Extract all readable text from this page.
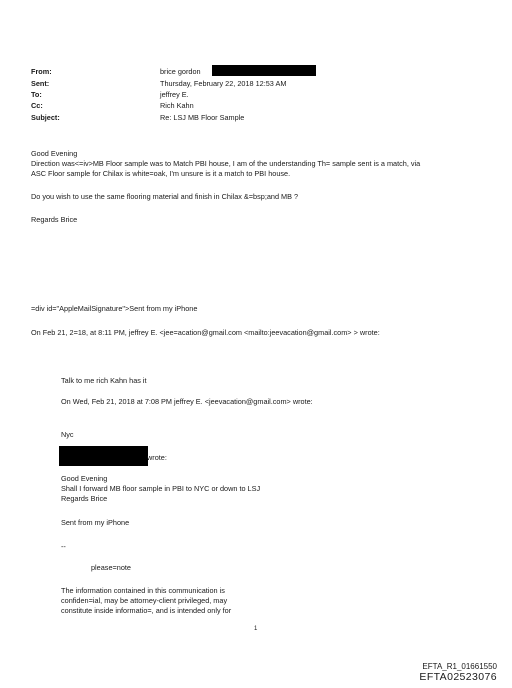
From:	brice gordon
Sent:	Thursday, February 22, 2018 12:53 AM
To:	jeffrey E.
Cc:	Rich Kahn
Subject:	Re: LSJ MB Floor Sample
Good Evening
Direction was<=iv>MB Floor sample was to Match PBI house, I am of the understanding Th= sample sent is a match, via
ASC Floor sample for Chilax is white=oak, I'm unsure is it a match to PBI house.
Do you wish to use the same flooring material and finish in Chilax &=bsp;and MB ?
Regards Brice
=div id="AppleMailSignature">Sent from my iPhone
On Feb 21, 2=18, at 8:11 PM, jeffrey E. <jee=acation@gmail.com <mailto:jeevacation@gmail.com> > wrote:
Talk to me rich Kahn has it
On Wed, Feb 21, 2018 at 7:08 PM jeffrey E. <jeevacation@gmail.com> wrote:
Nyc
wrote:
Good Evening
Shall I forward MB floor sample in PBI to NYC or down to LSJ
Regards Brice
Sent from my iPhone
--
please=note
The information contained in this communication is
confiden=ial, may be attorney-client privileged, may
constitute inside informatio=, and is intended only for
1
EFTA_R1_01661550
EFTA02523076
